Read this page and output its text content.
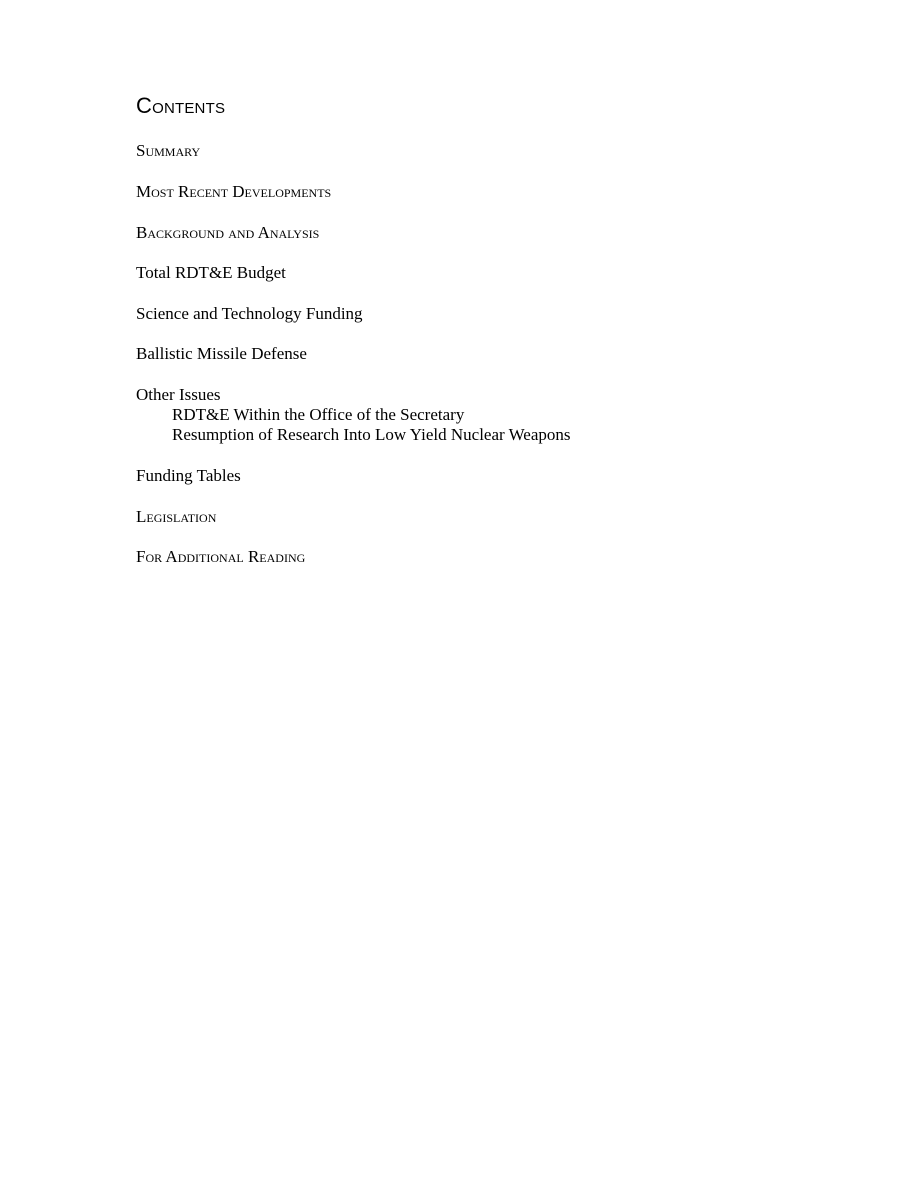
Contents
Summary
Most Recent Developments
Background and Analysis
Total RDT&E Budget
Science and Technology Funding
Ballistic Missile Defense
Other Issues
RDT&E Within the Office of the Secretary
Resumption of Research Into Low Yield Nuclear Weapons
Funding Tables
Legislation
For Additional Reading
